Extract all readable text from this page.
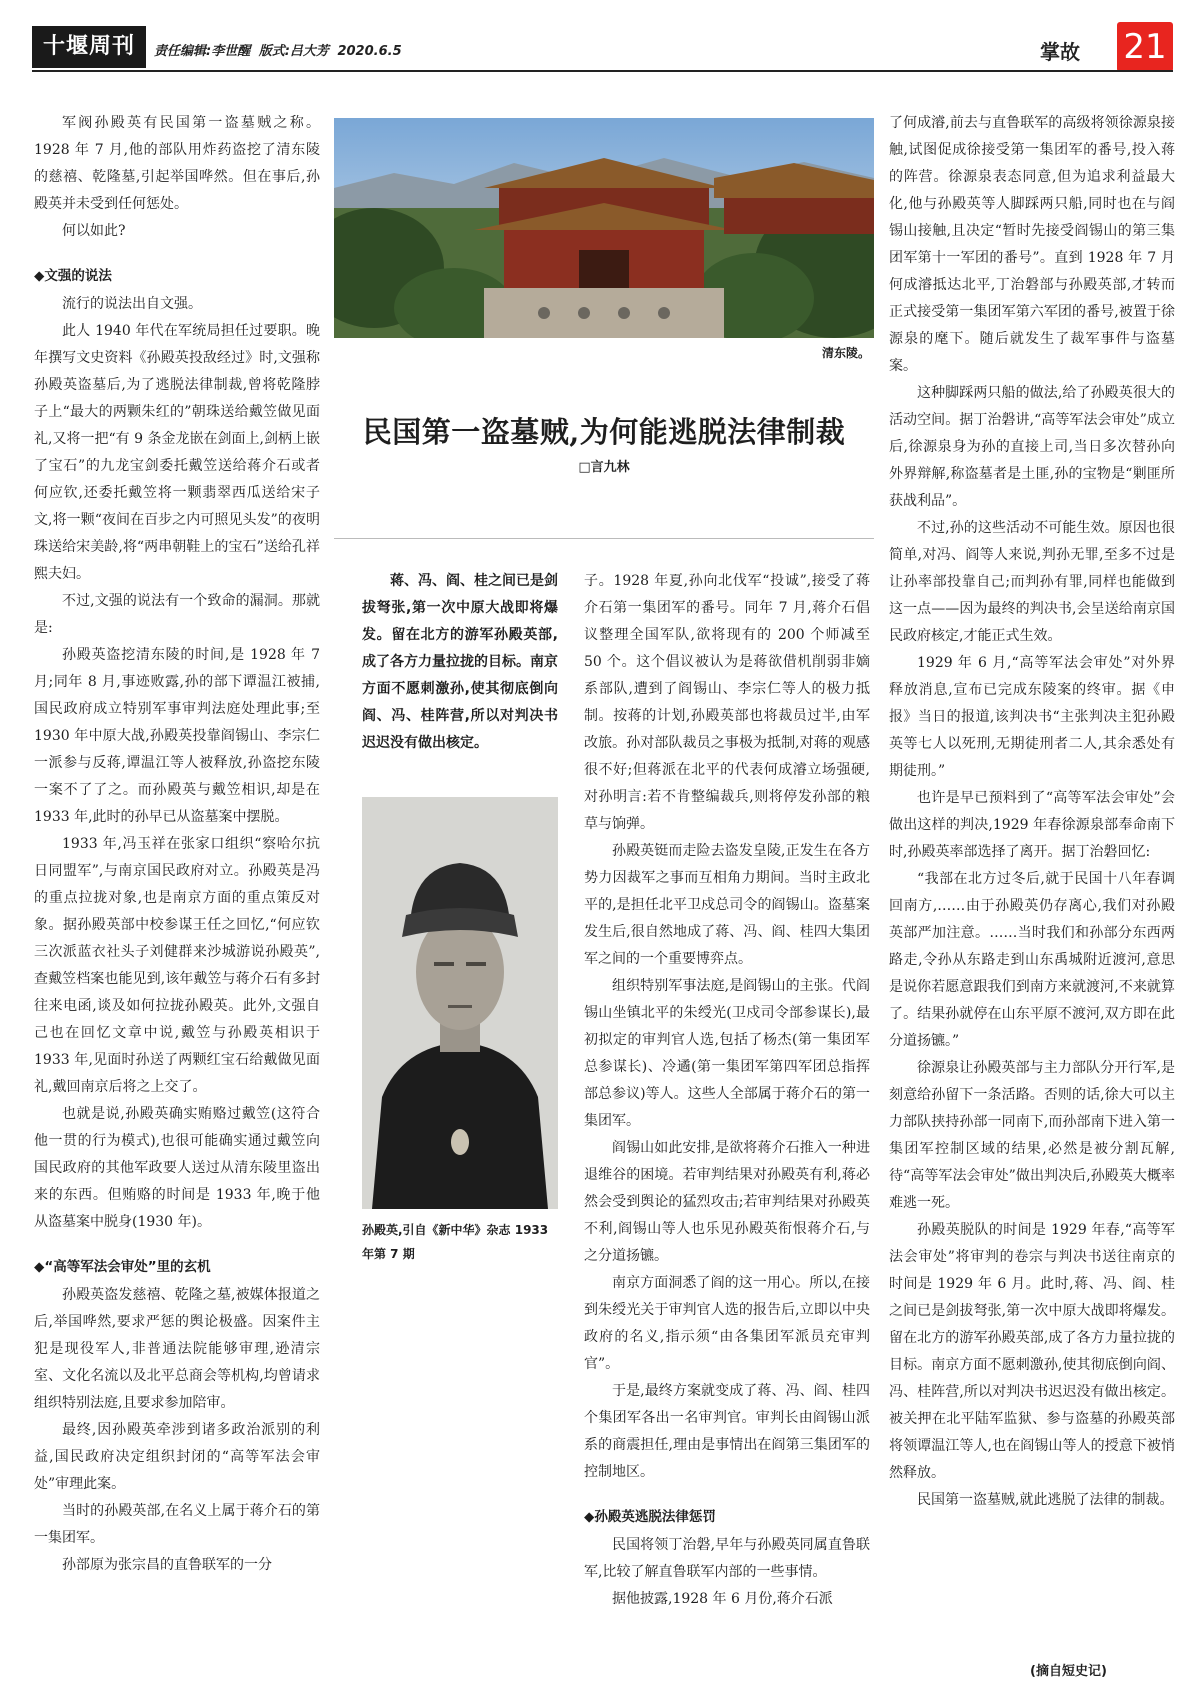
十堰周刊	责任编辑:李世醒 版式:吕大芳 2020.6.5	掌故 21

军阀孙殿英有民国第一盗墓贼之称。1928 年 7 月,他的部队用炸药盗挖了清东陵的慈禧、乾隆墓,引起举国哗然。但在事后,孙殿英并未受到任何惩处。

何以如此?

◆文强的说法

流行的说法出自文强。

此人 1940 年代在军统局担任过要职。晚年撰写文史资料《孙殿英投敌经过》时,文强称孙殿英盗墓后,为了逃脱法律制裁,曾将乾隆脖子上“最大的两颗朱红的”朝珠送给戴笠做见面礼,又将一把“有 9 条金龙嵌在剑面上,剑柄上嵌了宝石”的九龙宝剑委托戴笠送给蒋介石或者何应钦,还委托戴笠将一颗翡翠西瓜送给宋子文,将一颗“夜间在百步之内可照见头发”的夜明珠送给宋美龄,将“两串朝鞋上的宝石”送给孔祥熙夫妇。

不过,文强的说法有一个致命的漏洞。那就是:

孙殿英盗挖清东陵的时间,是 1928 年 7 月;同年 8 月,事迹败露,孙的部下谭温江被捕,国民政府成立特别军事审判法庭处理此事;至 1930 年中原大战,孙殿英投靠阎锡山、李宗仁一派参与反蒋,谭温江等人被释放,孙盗挖东陵一案不了了之。而孙殿英与戴笠相识,却是在 1933 年,此时的孙早已从盗墓案中摆脱。

1933 年,冯玉祥在张家口组织“察哈尔抗日同盟军”,与南京国民政府对立。孙殿英是冯的重点拉拢对象,也是南京方面的重点策反对象。据孙殿英部中校参谋王任之回忆,“何应钦三次派蓝衣社头子刘健群来沙城游说孙殿英”,查戴笠档案也能见到,该年戴笠与蒋介石有多封往来电函,谈及如何拉拢孙殿英。此外,文强自己也在回忆文章中说,戴笠与孙殿英相识于 1933 年,见面时孙送了两颗红宝石给戴做见面礼,戴回南京后将之上交了。

也就是说,孙殿英确实贿赂过戴笠(这符合他一贯的行为模式),也很可能确实通过戴笠向国民政府的其他军政要人送过从清东陵里盗出来的东西。但贿赂的时间是 1933 年,晚于他从盗墓案中脱身(1930 年)。

◆“高等军法会审处”里的玄机

孙殿英盗发慈禧、乾隆之墓,被媒体报道之后,举国哗然,要求严惩的舆论极盛。因案件主犯是现役军人,非普通法院能够审理,逊清宗室、文化名流以及北平总商会等机构,均曾请求组织特别法庭,且要求参加陪审。

最终,因孙殿英牵涉到诸多政治派别的利益,国民政府决定组织封闭的“高等军法会审处”审理此案。

当时的孙殿英部,在名义上属于蒋介石的第一集团军。

孙部原为张宗昌的直鲁联军的一分

清东陵。
民国第一盗墓贼,为何能逃脱法律制裁
□言九林
蒋、冯、阎、桂之间已是剑拔弩张,第一次中原大战即将爆发。留在北方的游军孙殿英部,成了各方力量拉拢的目标。南京方面不愿刺激孙,使其彻底倒向阎、冯、桂阵营,所以对判决书迟迟没有做出核定。
孙殿英,引自《新中华》杂志 1933 年第 7 期

子。1928 年夏,孙向北伐军“投诚”,接受了蒋介石第一集团军的番号。同年 7 月,蒋介石倡议整理全国军队,欲将现有的 200 个师减至 50 个。这个倡议被认为是蒋欲借机削弱非嫡系部队,遭到了阎锡山、李宗仁等人的极力抵制。按蒋的计划,孙殿英部也将裁员过半,由军改旅。孙对部队裁员之事极为抵制,对蒋的观感很不好;但蒋派在北平的代表何成濬立场强硬,对孙明言:若不肯整编裁兵,则将停发孙部的粮草与饷弹。

孙殿英铤而走险去盗发皇陵,正发生在各方势力因裁军之事而互相角力期间。当时主政北平的,是担任北平卫戍总司令的阎锡山。盗墓案发生后,很自然地成了蒋、冯、阎、桂四大集团军之间的一个重要博弈点。

组织特别军事法庭,是阎锡山的主张。代阎锡山坐镇北平的朱绶光(卫戍司令部参谋长),最初拟定的审判官人选,包括了杨杰(第一集团军总参谋长)、冷遹(第一集团军第四军团总指挥部总参议)等人。这些人全部属于蒋介石的第一集团军。

阎锡山如此安排,是欲将蒋介石推入一种进退维谷的困境。若审判结果对孙殿英有利,蒋必然会受到舆论的猛烈攻击;若审判结果对孙殿英不利,阎锡山等人也乐见孙殿英衔恨蒋介石,与之分道扬镳。

南京方面洞悉了阎的这一用心。所以,在接到朱绶光关于审判官人选的报告后,立即以中央政府的名义,指示须“由各集团军派员充审判官”。

于是,最终方案就变成了蒋、冯、阎、桂四个集团军各出一名审判官。审判长由阎锡山派系的商震担任,理由是事情出在阎第三集团军的控制地区。

◆孙殿英逃脱法律惩罚

民国将领丁治磐,早年与孙殿英同属直鲁联军,比较了解直鲁联军内部的一些事情。

据他披露,1928 年 6 月份,蒋介石派

了何成濬,前去与直鲁联军的高级将领徐源泉接触,试图促成徐接受第一集团军的番号,投入蒋的阵营。徐源泉表态同意,但为追求利益最大化,他与孙殿英等人脚踩两只船,同时也在与阎锡山接触,且决定“暂时先接受阎锡山的第三集团军第十一军团的番号”。直到 1928 年 7 月何成濬抵达北平,丁治磐部与孙殿英部,才转而正式接受第一集团军第六军团的番号,被置于徐源泉的麾下。随后就发生了裁军事件与盗墓案。

这种脚踩两只船的做法,给了孙殿英很大的活动空间。据丁治磐讲,“高等军法会审处”成立后,徐源泉身为孙的直接上司,当日多次替孙向外界辩解,称盗墓者是土匪,孙的宝物是“剿匪所获战利品”。

不过,孙的这些活动不可能生效。原因也很简单,对冯、阎等人来说,判孙无罪,至多不过是让孙率部投靠自己;而判孙有罪,同样也能做到这一点——因为最终的判决书,会呈送给南京国民政府核定,才能正式生效。

1929 年 6 月,“高等军法会审处”对外界释放消息,宣布已完成东陵案的终审。据《申报》当日的报道,该判决书“主张判决主犯孙殿英等七人以死刑,无期徒刑者二人,其余悉处有期徒刑。”

也许是早已预料到了“高等军法会审处”会做出这样的判决,1929 年春徐源泉部奉命南下时,孙殿英率部选择了离开。据丁治磐回忆:

“我部在北方过冬后,就于民国十八年春调回南方,……由于孙殿英仍存离心,我们对孙殿英部严加注意。……当时我们和孙部分东西两路走,令孙从东路走到山东禹城附近渡河,意思是说你若愿意跟我们到南方来就渡河,不来就算了。结果孙就停在山东平原不渡河,双方即在此分道扬镳。”

徐源泉让孙殿英部与主力部队分开行军,是刻意给孙留下一条活路。否则的话,徐大可以主力部队挟持孙部一同南下,而孙部南下进入第一集团军控制区域的结果,必然是被分割瓦解,待“高等军法会审处”做出判决后,孙殿英大概率难逃一死。

孙殿英脱队的时间是 1929 年春,“高等军法会审处”将审判的卷宗与判决书送往南京的时间是 1929 年 6 月。此时,蒋、冯、阎、桂之间已是剑拔弩张,第一次中原大战即将爆发。留在北方的游军孙殿英部,成了各方力量拉拢的目标。南京方面不愿刺激孙,使其彻底倒向阎、冯、桂阵营,所以对判决书迟迟没有做出核定。被关押在北平陆军监狱、参与盗墓的孙殿英部将领谭温江等人,也在阎锡山等人的授意下被悄然释放。

民国第一盗墓贼,就此逃脱了法律的制裁。

(摘自短史记)
